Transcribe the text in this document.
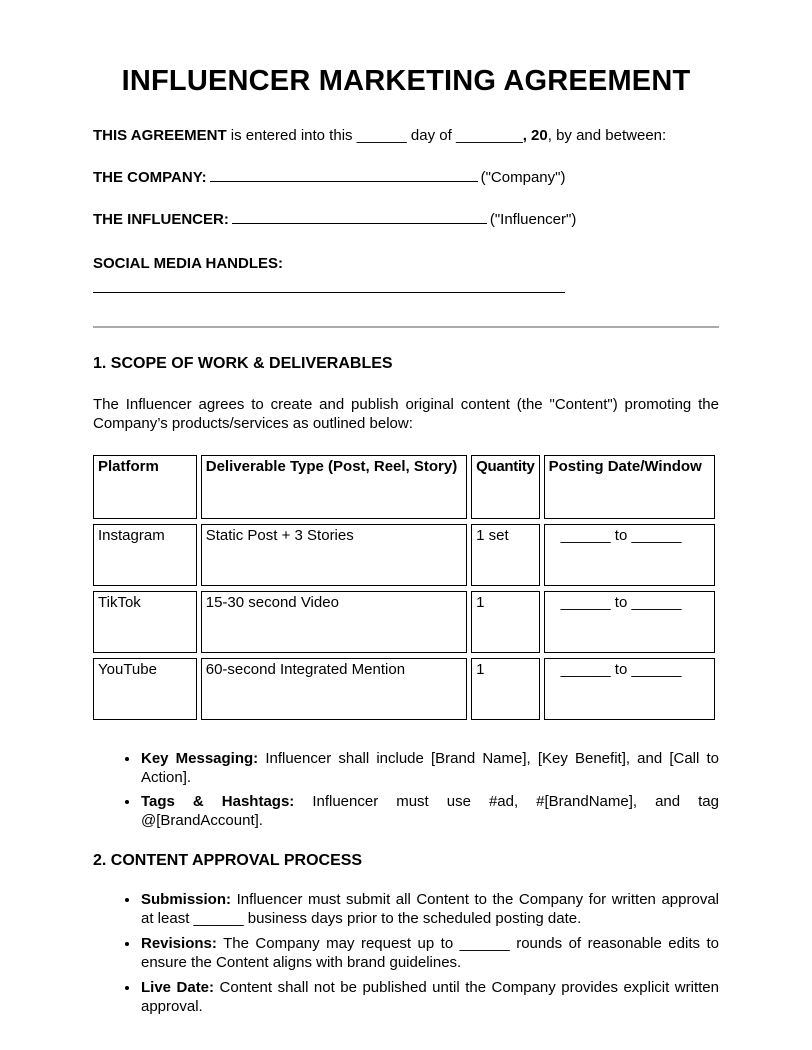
INFLUENCER MARKETING AGREEMENT

THIS AGREEMENT is entered into this ______ day of ________, 20, by and between:

THE COMPANY:	("Company")

THE INFLUENCER:	("Influencer")

SOCIAL MEDIA HANDLES:

1. SCOPE OF WORK & DELIVERABLES

The Influencer agrees to create and publish original content (the "Content") promoting the Company’s products/services as outlined below:

Platform	Deliverable Type (Post, Reel, Story)	Quantity	Posting Date/Window
Instagram	Static Post + 3 Stories	1 set	______ to ______
TikTok	15-30 second Video	1	______ to ______
YouTube	60-second Integrated Mention	1	______ to ______
• Key Messaging: Influencer shall include [Brand Name], [Key Benefit], and [Call to Action].
• Tags & Hashtags: Influencer must use #ad, #[BrandName], and tag @[BrandAccount].
2. CONTENT APPROVAL PROCESS
• Submission: Influencer must submit all Content to the Company for written approval at least ______ business days prior to the scheduled posting date.
• Revisions: The Company may request up to ______ rounds of reasonable edits to ensure the Content aligns with brand guidelines.
• Live Date: Content shall not be published until the Company provides explicit written approval.
